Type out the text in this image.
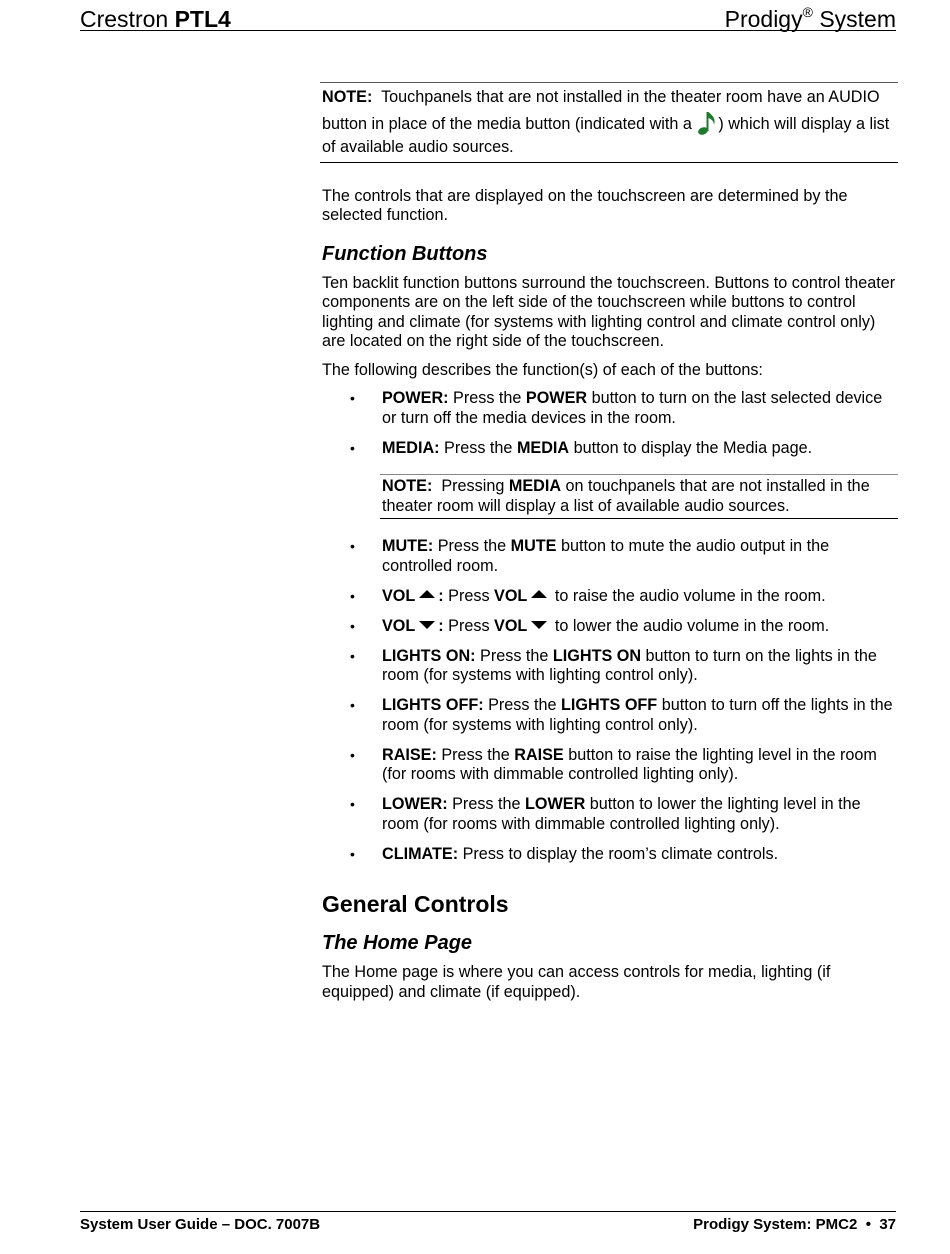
Crestron PTL4	Prodigy® System
NOTE: Touchpanels that are not installed in the theater room have an AUDIO button in place of the media button (indicated with a ) which will display a list of available audio sources.

The controls that are displayed on the touchscreen are determined by the selected function.

Function Buttons

Ten backlit function buttons surround the touchscreen. Buttons to control theater components are on the left side of the touchscreen while buttons to control lighting and climate (for systems with lighting control and climate control only) are located on the right side of the touchscreen.

The following describes the function(s) of each of the buttons:

• POWER: Press the POWER button to turn on the last selected device or turn off the media devices in the room.
• MEDIA: Press the MEDIA button to display the Media page.
NOTE: Pressing MEDIA on touchpanels that are not installed in the theater room will display a list of available audio sources.
• MUTE: Press the MUTE button to mute the audio output in the controlled room.
• VOL : Press VOL to raise the audio volume in the room.
• VOL : Press VOL to lower the audio volume in the room.
• LIGHTS ON: Press the LIGHTS ON button to turn on the lights in the room (for systems with lighting control only).
• LIGHTS OFF: Press the LIGHTS OFF button to turn off the lights in the room (for systems with lighting control only).
• RAISE: Press the RAISE button to raise the lighting level in the room (for rooms with dimmable controlled lighting only).
• LOWER: Press the LOWER button to lower the lighting level in the room (for rooms with dimmable controlled lighting only).
• CLIMATE: Press to display the room’s climate controls.
General Controls
The Home Page

The Home page is where you can access controls for media, lighting (if equipped) and climate (if equipped).

System User Guide – DOC. 7007B	Prodigy System: PMC2 • 37
